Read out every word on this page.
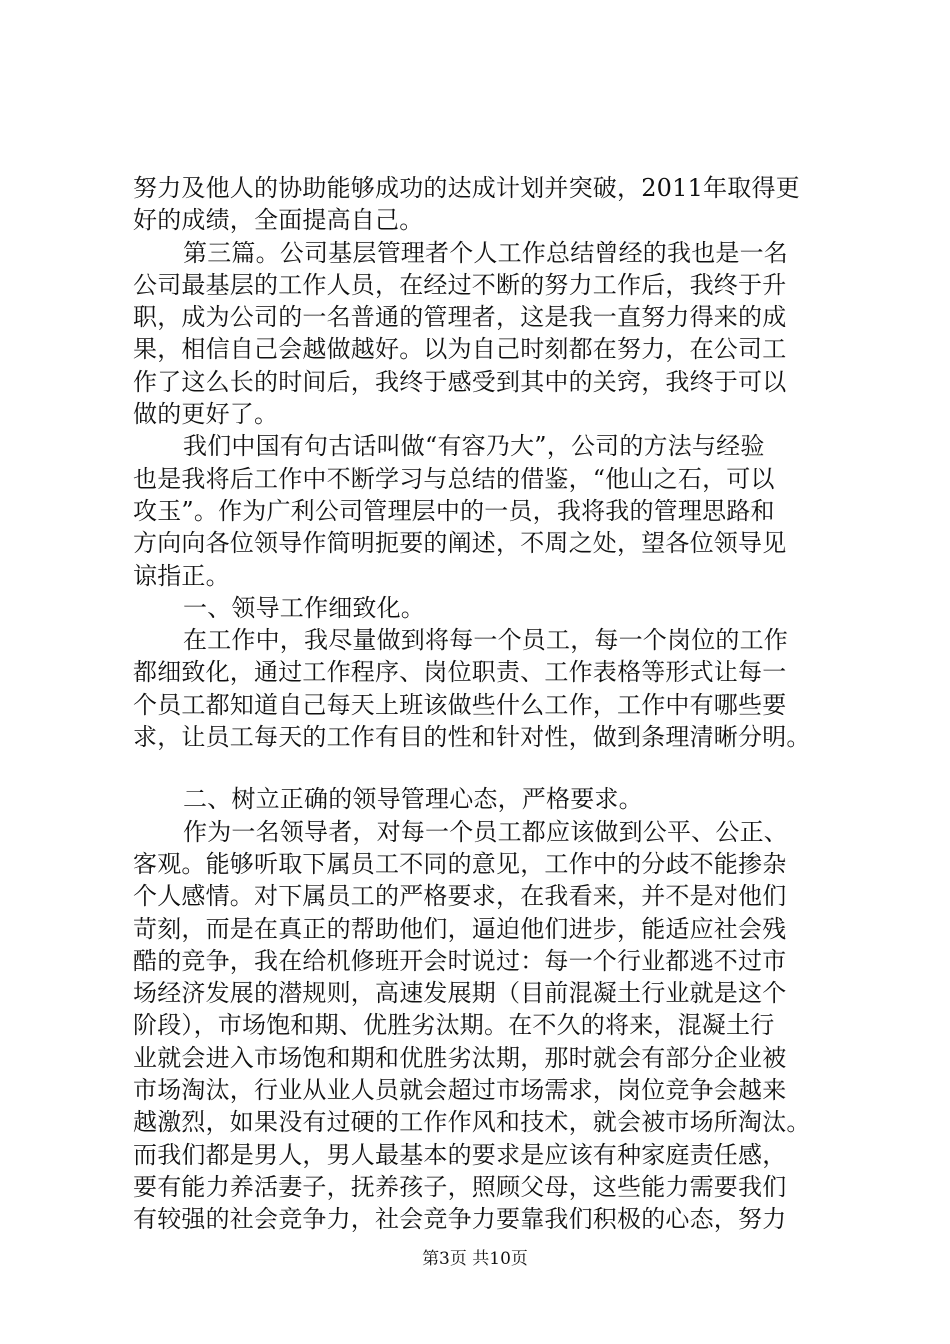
努力及他人的协助能够成功的达成计划并突破，2011年取得更
好的成绩，全面提高自己。
第三篇。公司基层管理者个人工作总结曾经的我也是一名
公司最基层的工作人员，在经过不断的努力工作后，我终于升
职，成为公司的一名普通的管理者，这是我一直努力得来的成
果，相信自己会越做越好。以为自己时刻都在努力，在公司工
作了这么长的时间后，我终于感受到其中的关窍，我终于可以
做的更好了。
我们中国有句古话叫做“有容乃大”，公司的方法与经验
也是我将后工作中不断学习与总结的借鉴，“他山之石，可以
攻玉”。作为广利公司管理层中的一员，我将我的管理思路和
方向向各位领导作简明扼要的阐述，不周之处，望各位领导见
谅指正。
一、领导工作细致化。
在工作中，我尽量做到将每一个员工，每一个岗位的工作
都细致化，通过工作程序、岗位职责、工作表格等形式让每一
个员工都知道自己每天上班该做些什么工作，工作中有哪些要
求，让员工每天的工作有目的性和针对性，做到条理清晰分明。
二、树立正确的领导管理心态，严格要求。
作为一名领导者，对每一个员工都应该做到公平、公正、
客观。能够听取下属员工不同的意见，工作中的分歧不能掺杂
个人感情。对下属员工的严格要求，在我看来，并不是对他们
苛刻，而是在真正的帮助他们，逼迫他们进步，能适应社会残
酷的竞争，我在给机修班开会时说过：每一个行业都逃不过市
场经济发展的潜规则，高速发展期（目前混凝土行业就是这个
阶段），市场饱和期、优胜劣汰期。在不久的将来，混凝土行
业就会进入市场饱和期和优胜劣汰期，那时就会有部分企业被
市场淘汰，行业从业人员就会超过市场需求，岗位竞争会越来
越激烈，如果没有过硬的工作作风和技术，就会被市场所淘汰。
而我们都是男人，男人最基本的要求是应该有种家庭责任感，
要有能力养活妻子，抚养孩子，照顾父母，这些能力需要我们
有较强的社会竞争力，社会竞争力要靠我们积极的心态，努力
第3页 共10页
